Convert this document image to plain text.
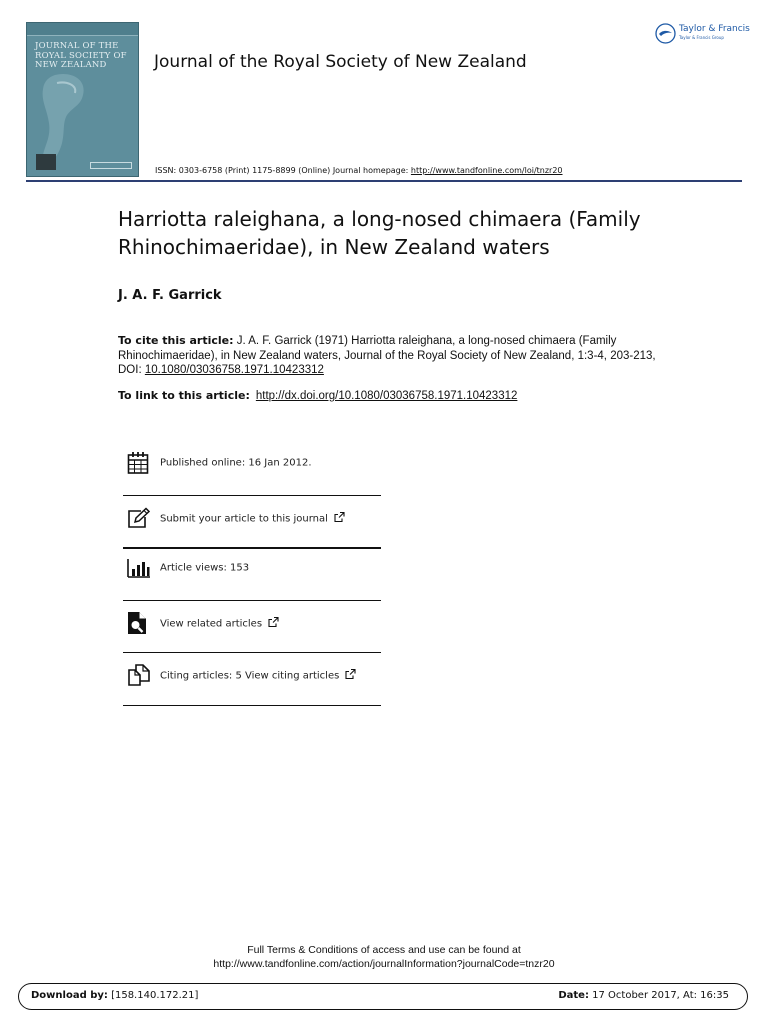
JOURNAL OF THE ROYAL SOCIETY OF NEW ZEALAND	Journal of the Royal Society of New Zealand
Taylor & Francis
Taylor & Francis Group
ISSN: 0303-6758 (Print) 1175-8899 (Online) Journal homepage: http://www.tandfonline.com/loi/tnzr20
Harriotta raleighana, a long-nosed chimaera (Family Rhinochimaeridae), in New Zealand waters
J. A. F. Garrick
To cite this article: J. A. F. Garrick (1971) Harriotta raleighana, a long-nosed chimaera (Family Rhinochimaeridae), in New Zealand waters, Journal of the Royal Society of New Zealand, 1:3-4, 203-213, DOI: 10.1080/03036758.1971.10423312
To link to this article: http://dx.doi.org/10.1080/03036758.1971.10423312
Published online: 16 Jan 2012.
Submit your article to this journal
Article views: 153
View related articles
Citing articles: 5 View citing articles
Full Terms & Conditions of access and use can be found at
http://www.tandfonline.com/action/journalInformation?journalCode=tnzr20
Download by: [158.140.172.21]	Date: 17 October 2017, At: 16:35
